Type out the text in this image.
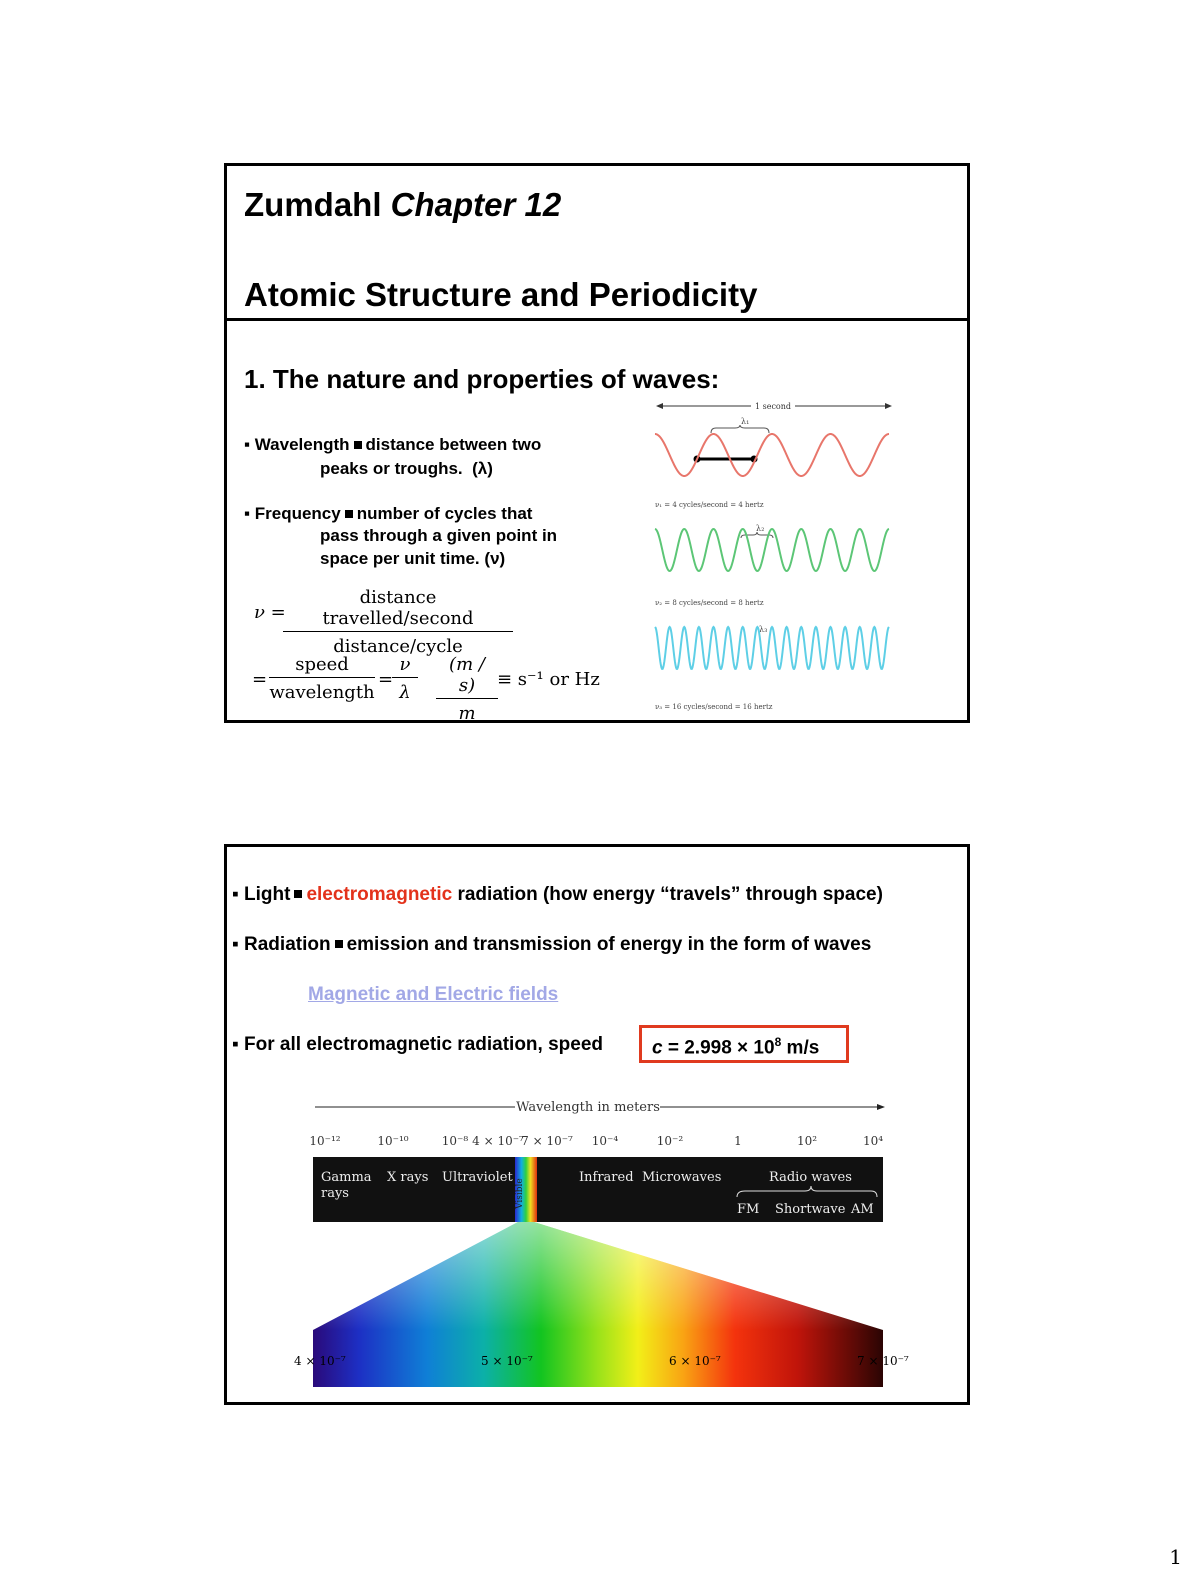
Zumdahl Chapter 12
Atomic Structure and Periodicity
1. The nature and properties of waves:
▪ Wavelength distance between two
peaks or troughs. (λ)
▪ Frequency number of cycles that
pass through a given point in
space per unit time. (ν)
ν =
distance travelled/second
distance/cycle
=
speed
wavelength
=
$\frac{\nu}{\lambda} \frac{(m / s)}{m} \equiv s^{-1}$ or Hz
1 second
λ₁
ν₁ = 4 cycles/second = 4 hertz
λ₂
ν₂ = 8 cycles/second = 8 hertz
λ₃
ν₃ = 16 cycles/second = 16 hertz
▪ Light electromagnetic radiation (how energy “travels” through space)
▪ Radiation emission and transmission of energy in the form of waves
Magnetic and Electric fields
▪ For all electromagnetic radiation, speed	$c = 2.998 \times 10^8$ m/s
Wavelength in meters
10⁻¹²	10⁻¹⁰	10⁻⁸ 4 × 10⁻⁷
7 × 10⁻⁷ 10⁻⁴	10⁻²	1	10²	10⁴
Gamma
rays
X rays Ultraviolet	Infrared Microwaves	Radio waves
FM Shortwave AM
Visible
4 × 10⁻⁷	5 × 10⁻⁷	6 × 10⁻⁷	7 × 10⁻⁷
1
